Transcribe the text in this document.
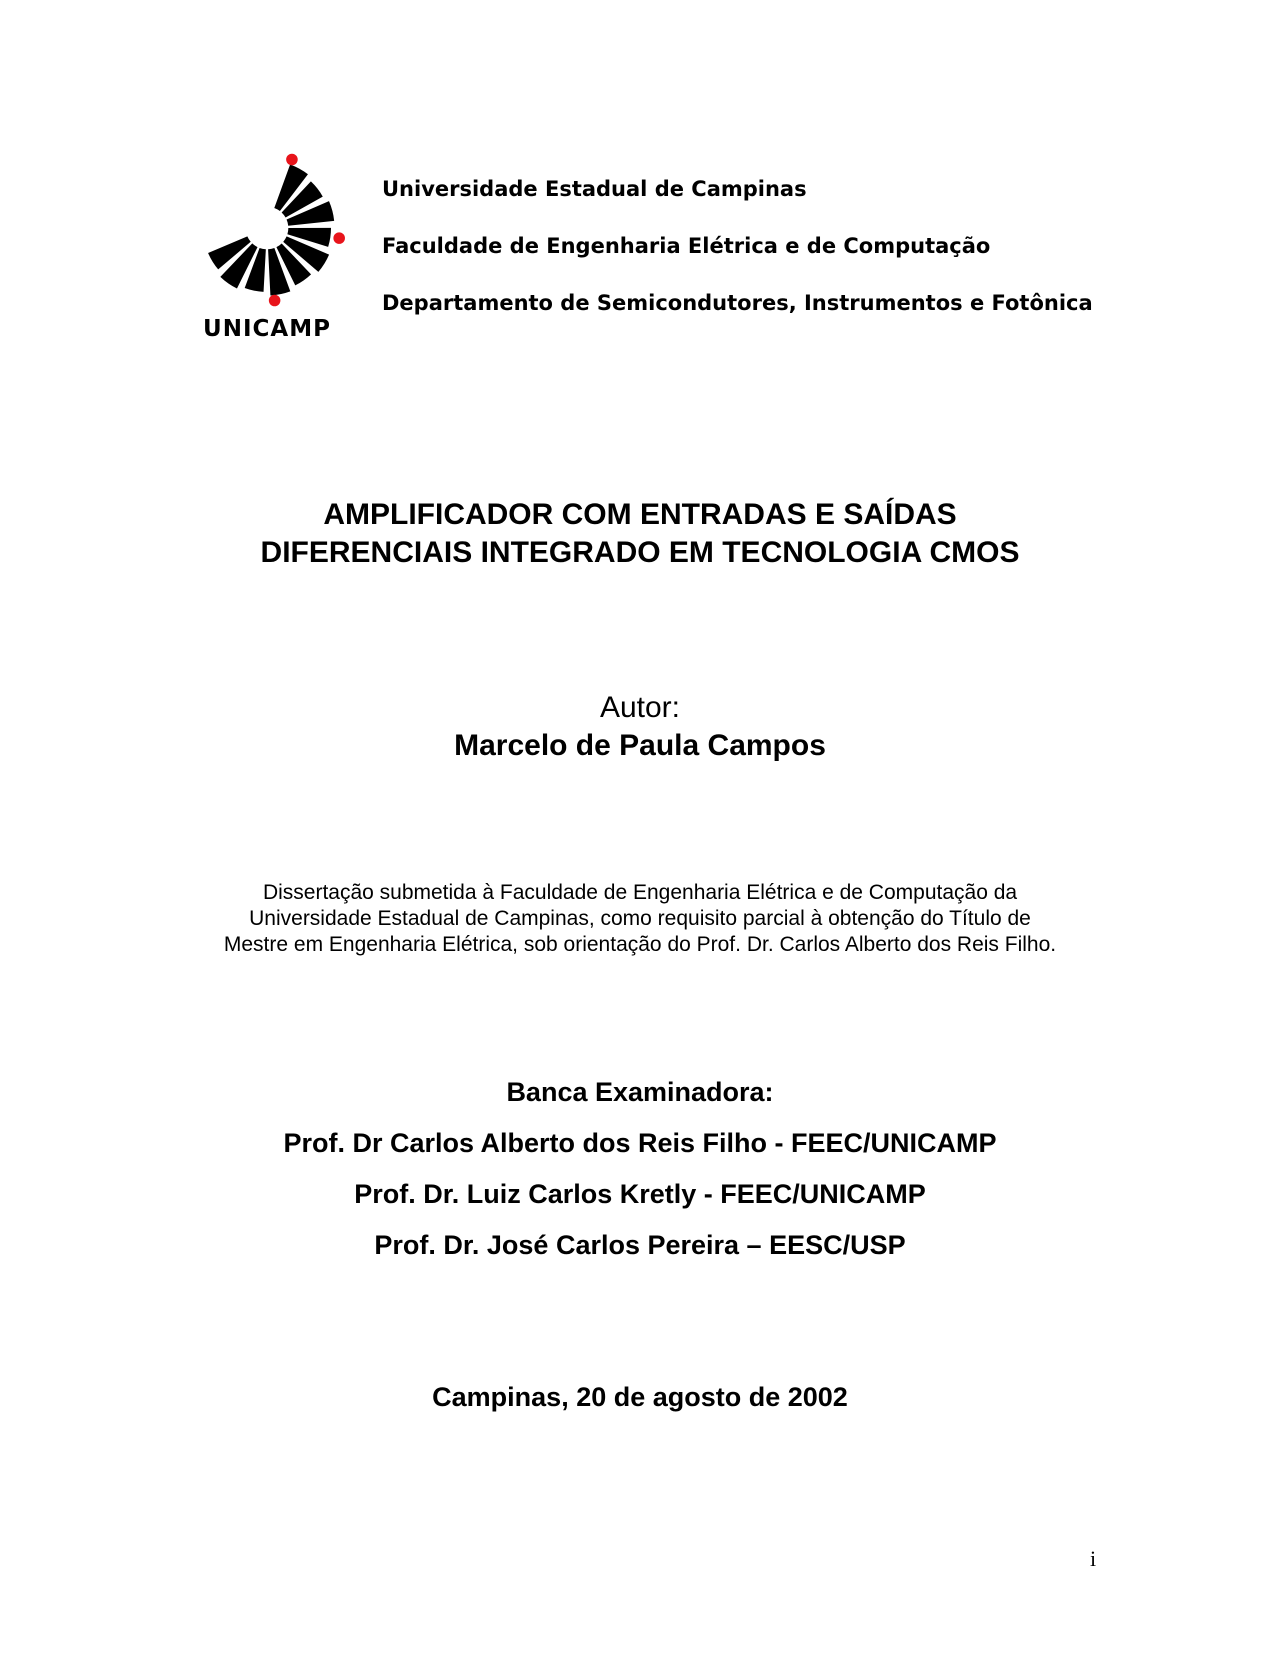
UNICAMP
Universidade Estadual de Campinas
Faculdade de Engenharia Elétrica e de Computação
Departamento de Semicondutores, Instrumentos e Fotônica
AMPLIFICADOR COM ENTRADAS E SAÍDAS
DIFERENCIAIS INTEGRADO EM TECNOLOGIA CMOS
Autor:
Marcelo de Paula Campos
Dissertação submetida à Faculdade de Engenharia Elétrica e de Computação da
Universidade Estadual de Campinas, como requisito parcial à obtenção do Título de
Mestre em Engenharia Elétrica, sob orientação do Prof. Dr. Carlos Alberto dos Reis Filho.
Banca Examinadora:
Prof. Dr Carlos Alberto dos Reis Filho - FEEC/UNICAMP
Prof. Dr. Luiz Carlos Kretly - FEEC/UNICAMP
Prof. Dr. José Carlos Pereira – EESC/USP
Campinas, 20 de agosto de 2002
i
